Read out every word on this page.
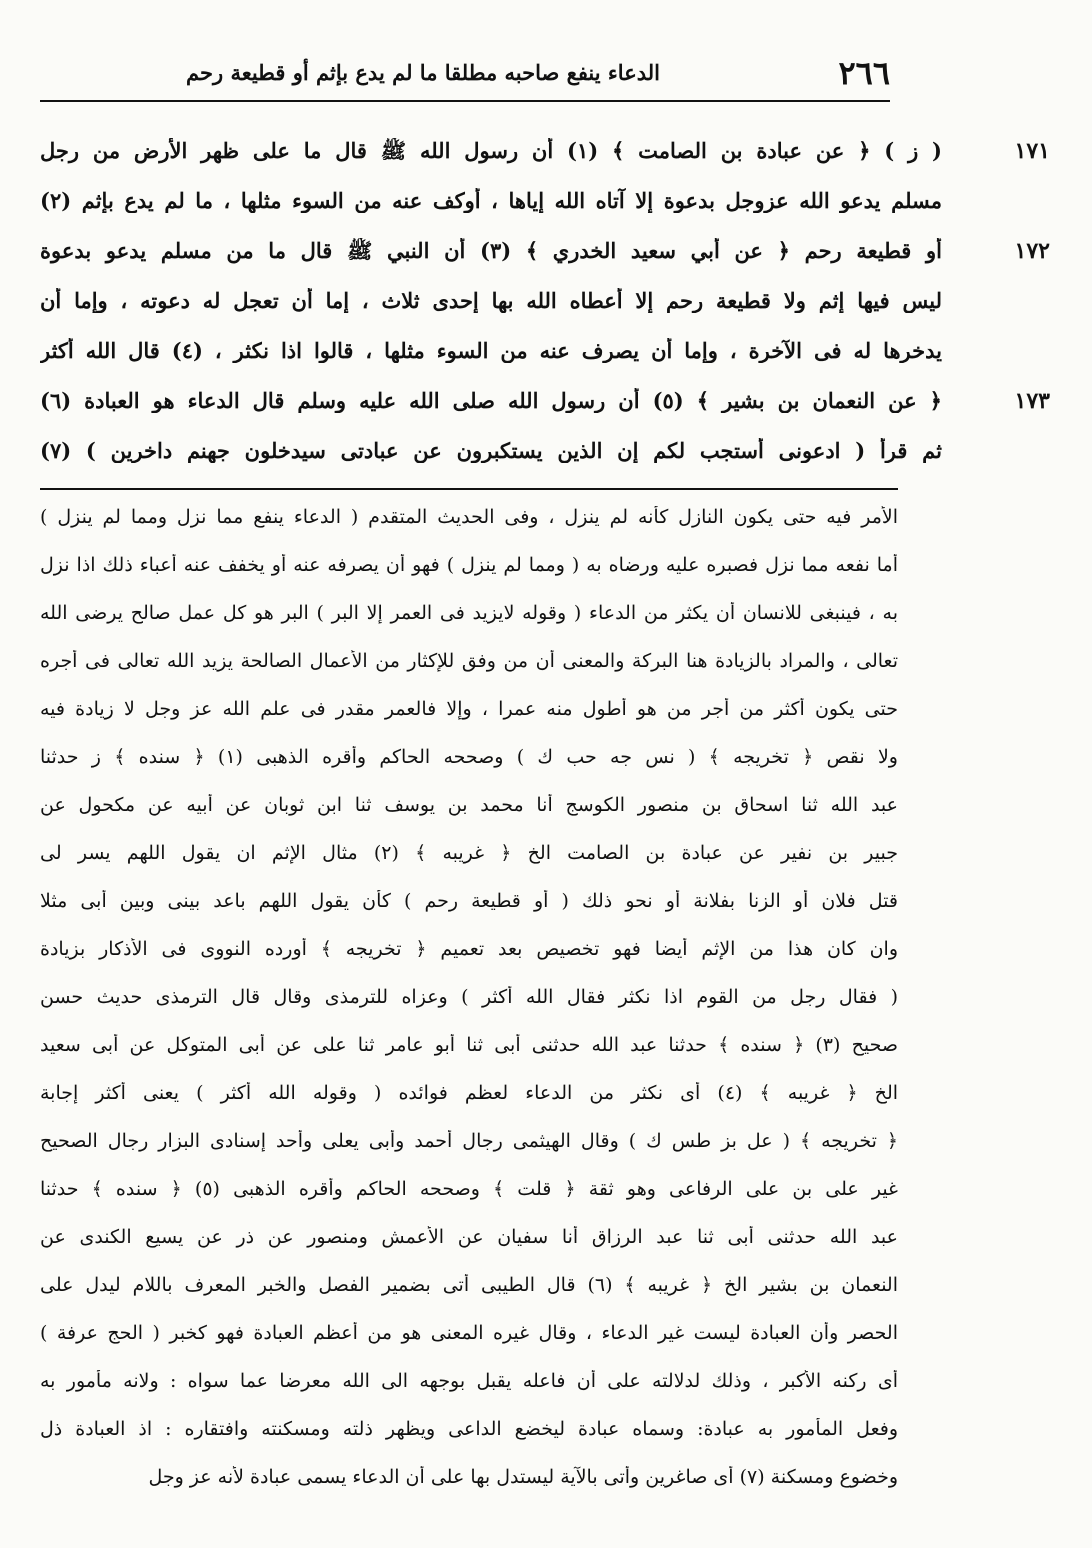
٢٦٦
الدعاء ينفع صاحبه مطلقا ما لم يدع بإثم أو قطيعة رحم
١٧١
( ز ) ﴿ عن عبادة بن الصامت ﴾ (١) أن رسول الله ﷺ قال ما على ظهر الأرض من رجل
مسلم يدعو الله عزوجل بدعوة إلا آتاه الله إياها ، أوكف عنه من السوء مثلها ، ما لم يدع بإثم (٢)
١٧٢
أو قطيعة رحم ﴿ عن أبي سعيد الخدري ﴾ (٣) أن النبي ﷺ قال ما من مسلم يدعو بدعوة
ليس فيها إثم ولا قطيعة رحم إلا أعطاه الله بها إحدى ثلاث ، إما أن تعجل له دعوته ، وإما أن
يدخرها له فى الآخرة ، وإما أن يصرف عنه من السوء مثلها ، قالوا اذا نكثر ، (٤) قال الله أكثر
١٧٣
﴿ عن النعمان بن بشير ﴾ (٥) أن رسول الله صلى الله عليه وسلم قال الدعاء هو العبادة (٦)
ثم قرأ ( ادعونى أستجب لكم إن الذين يستكبرون عن عبادتى سيدخلون جهنم داخرين ) (٧)
الأمر فيه حتى يكون النازل كأنه لم ينزل ، وفى الحديث المتقدم ( الدعاء ينفع مما نزل ومما لم ينزل )
أما نفعه مما نزل فصبره عليه ورضاه به ( ومما لم ينزل ) فهو أن يصرفه عنه أو يخفف عنه أعباء ذلك اذا نزل
به ، فينبغى للانسان أن يكثر من الدعاء ( وقوله لايزيد فى العمر إلا البر ) البر هو كل عمل صالح يرضى الله
تعالى ، والمراد بالزيادة هنا البركة والمعنى أن من وفق للإكثار من الأعمال الصالحة يزيد الله تعالى فى أجره
حتى يكون أكثر من أجر من هو أطول منه عمرا ، وإلا فالعمر مقدر فى علم الله عز وجل لا زيادة فيه
ولا نقص ﴿ تخريجه ﴾ ( نس جه حب ك ) وصححه الحاكم وأقره الذهبى (١) ﴿ سنده ﴾ ز حدثنا
عبد الله ثنا اسحاق بن منصور الكوسج أنا محمد بن يوسف ثنا ابن ثوبان عن أبيه عن مكحول عن
جبير بن نفير عن عبادة بن الصامت الخ ﴿ غريبه ﴾ (٢) مثال الإثم ان يقول اللهم يسر لى
قتل فلان أو الزنا بفلانة أو نحو ذلك ( أو قطيعة رحم ) كأن يقول اللهم باعد بينى وبين أبى مثلا
وان كان هذا من الإثم أيضا فهو تخصيص بعد تعميم ﴿ تخريجه ﴾ أورده النووى فى الأذكار بزيادة
( فقال رجل من القوم اذا نكثر فقال الله أكثر ) وعزاه للترمذى وقال قال الترمذى حديث حسن
صحيح (٣) ﴿ سنده ﴾ حدثنا عبد الله حدثنى أبى ثنا أبو عامر ثنا على عن أبى المتوكل عن أبى سعيد
الخ ﴿ غريبه ﴾ (٤) أى نكثر من الدعاء لعظم فوائده ( وقوله الله أكثر ) يعنى أكثر إجابة
﴿ تخريجه ﴾ ( عل بز طس ك ) وقال الهيثمى رجال أحمد وأبى يعلى وأحد إسنادى البزار رجال الصحيح
غير على بن على الرفاعى وهو ثقة ﴿ قلت ﴾ وصححه الحاكم وأقره الذهبى (٥) ﴿ سنده ﴾ حدثنا
عبد الله حدثنى أبى ثنا عبد الرزاق أنا سفيان عن الأعمش ومنصور عن ذر عن يسيع الكندى عن
النعمان بن بشير الخ ﴿ غريبه ﴾ (٦) قال الطيبى أتى بضمير الفصل والخبر المعرف باللام ليدل على
الحصر وأن العبادة ليست غير الدعاء ، وقال غيره المعنى هو من أعظم العبادة فهو كخبر ( الحج عرفة )
أى ركنه الأكبر ، وذلك لدلالته على أن فاعله يقبل بوجهه الى الله معرضا عما سواه : ولانه مأمور به
وفعل المأمور به عبادة: وسماه عبادة ليخضع الداعى ويظهر ذلته ومسكنته وافتقاره : اذ العبادة ذل
وخضوع ومسكنة (٧) أى صاغرين وأتى بالآية ليستدل بها على أن الدعاء يسمى عبادة لأنه عز وجل
